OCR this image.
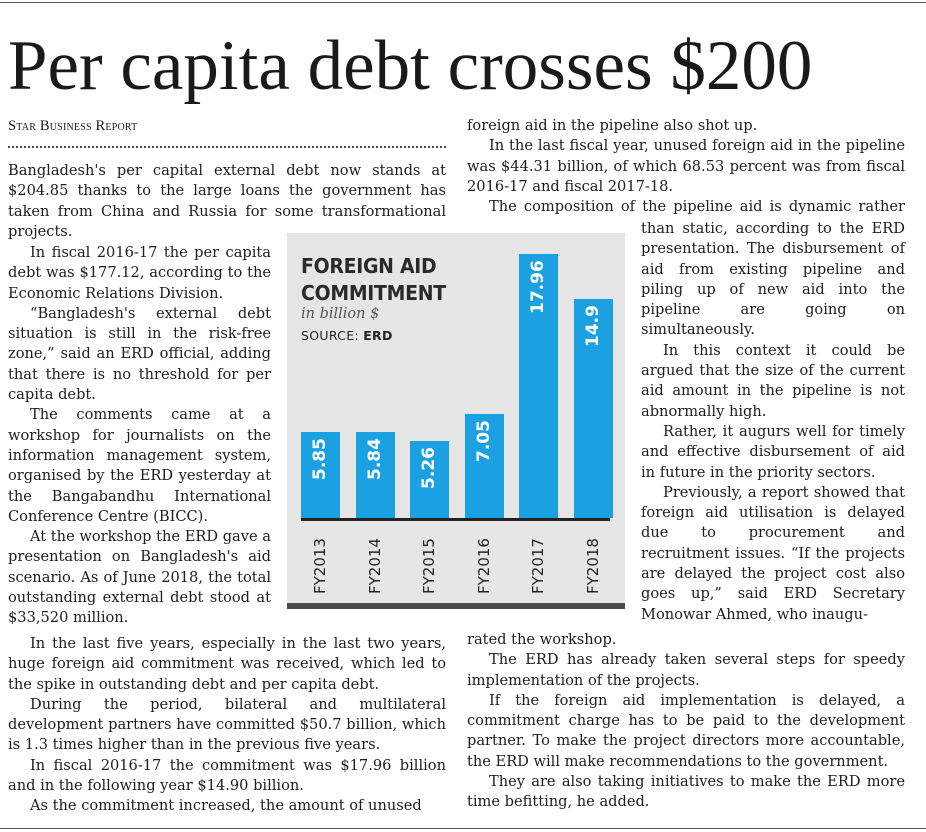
Per capita debt crosses $200
Star Business Report

Bangladesh's per capital external debt now stands at $204.85 thanks to the large loans the government has taken from China and Russia for some transformational projects.

In fiscal 2016-17 the per capita debt was $177.12, according to the Economic Relations Division.

“Bangladesh's external debt situation is still in the risk-free zone,” said an ERD official, adding that there is no threshold for per capita debt.

The comments came at a workshop for journalists on the information management system, organised by the ERD yesterday at the Bangabandhu International Conference Centre (BICC).

At the workshop the ERD gave a presentation on Bangladesh's aid scenario. As of June 2018, the total outstanding external debt stood at $33,520 million.

In the last five years, especially in the last two years, huge foreign aid commitment was received, which led to the spike in outstanding debt and per capita debt.

During the period, bilateral and multilateral development partners have committed $50.7 billion, which is 1.3 times higher than in the previous five years.

In fiscal 2016-17 the commitment was $17.96 billion and in the following year $14.90 billion.

As the commitment increased, the amount of unused

foreign aid in the pipeline also shot up.

In the last fiscal year, unused foreign aid in the pipeline was $44.31 billion, of which 68.53 percent was from fiscal 2016-17 and fiscal 2017-18.

The composition of the pipeline aid is dynamic rather

than static, according to the ERD presentation. The disbursement of aid from existing pipeline and piling up of new aid into the pipeline are going on simultaneously.

In this context it could be argued that the size of the current aid amount in the pipeline is not abnormally high.

Rather, it augurs well for timely and effective disbursement of aid in future in the priority sectors.

Previously, a report showed that foreign aid utilisation is delayed due to procurement and recruitment issues. “If the projects are delayed the project cost also goes up,” said ERD Secretary Monowar Ahmed, who inaugu-

rated the workshop.

The ERD has already taken several steps for speedy implementation of the projects.

If the foreign aid implementation is delayed, a commitment charge has to be paid to the development partner. To make the project directors more accountable, the ERD will make recommendations to the government.

They are also taking initiatives to make the ERD more time befitting, he added.

FOREIGN AID
COMMITMENT
in billion $
SOURCE: ERD
5.85
FY2013
5.84
FY2014
5.26
FY2015
7.05
FY2016
17.96
FY2017
14.9
FY2018
